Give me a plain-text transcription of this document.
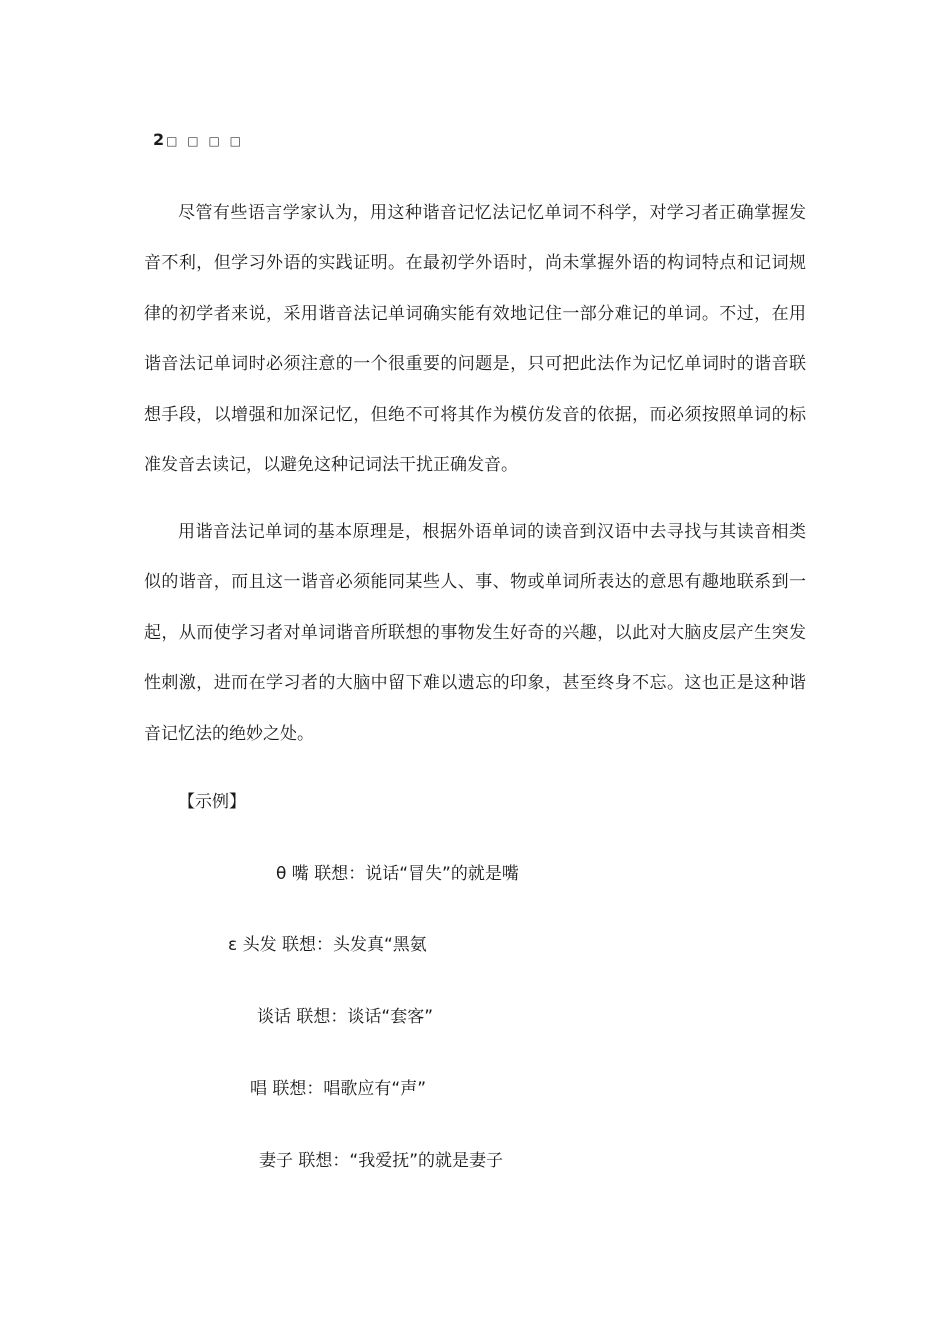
2 □ □ □ □

尽管有些语言学家认为，用这种谐音记忆法记忆单词不科学，对学习者正确掌握发音不利，但学习外语的实践证明。在最初学外语时，尚未掌握外语的构词特点和记词规律的初学者来说，采用谐音法记单词确实能有效地记住一部分难记的单词。不过，在用谐音法记单词时必须注意的一个很重要的问题是，只可把此法作为记忆单词时的谐音联想手段，以增强和加深记忆，但绝不可将其作为模仿发音的依据，而必须按照单词的标准发音去读记，以避免这种记词法干扰正确发音。

用谐音法记单词的基本原理是，根据外语单词的读音到汉语中去寻找与其读音相类似的谐音，而且这一谐音必须能同某些人、事、物或单词所表达的意思有趣地联系到一起，从而使学习者对单词谐音所联想的事物发生好奇的兴趣，以此对大脑皮层产生突发性刺激，进而在学习者的大脑中留下难以遗忘的印象，甚至终身不忘。这也正是这种谐音记忆法的绝妙之处。

【示例】
θ 嘴 联想：说话“冒失”的就是嘴
ε 头发 联想：头发真“黑氨
谈话 联想：谈话“套客”
唱 联想：唱歌应有“声”
妻子 联想：“我爱抚”的就是妻子
